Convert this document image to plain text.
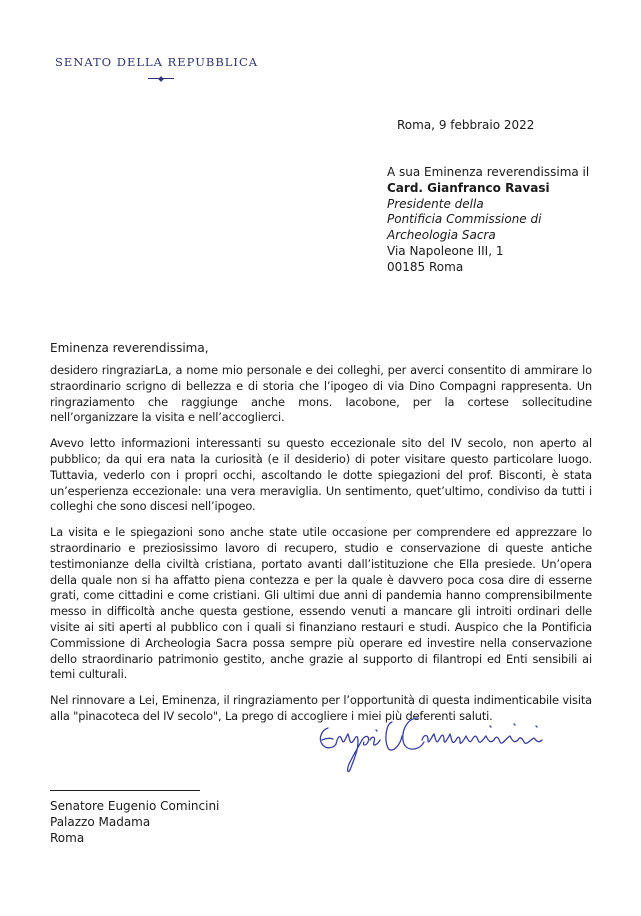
SENATO DELLA REPUBBLICA
Roma, 9 febbraio 2022
A sua Eminenza reverendissima il
Card. Gianfranco Ravasi
Presidente della
Pontificia Commissione di
Archeologia Sacra
Via Napoleone III, 1
00185 Roma
Eminenza reverendissima,

desidero ringraziarLa, a nome mio personale e dei colleghi, per averci consentito di ammirare lo straordinario scrigno di bellezza e di storia che l’ipogeo di via Dino Compagni rappresenta. Un ringraziamento che raggiunge anche mons. Iacobone, per la cortese sollecitudine nell’organizzare la visita e nell’accoglierci.

Avevo letto informazioni interessanti su questo eccezionale sito del IV secolo, non aperto al pubblico; da qui era nata la curiosità (e il desiderio) di poter visitare questo particolare luogo. Tuttavia, vederlo con i propri occhi, ascoltando le dotte spiegazioni del prof. Bisconti, è stata un’esperienza eccezionale: una vera meraviglia. Un sentimento, quet’ultimo, condiviso da tutti i colleghi che sono discesi nell’ipogeo.

La visita e le spiegazioni sono anche state utile occasione per comprendere ed apprezzare lo straordinario e preziosissimo lavoro di recupero, studio e conservazione di queste antiche testimonianze della civiltà cristiana, portato avanti dall’istituzione che Ella presiede. Un’opera della quale non si ha affatto piena contezza e per la quale è davvero poca cosa dire di esserne grati, come cittadini e come cristiani. Gli ultimi due anni di pandemia hanno comprensibilmente messo in difficoltà anche questa gestione, essendo venuti a mancare gli introiti ordinari delle visite ai siti aperti al pubblico con i quali si finanziano restauri e studi. Auspico che la Pontificia Commissione di Archeologia Sacra possa sempre più operare ed investire nella conservazione dello straordinario patrimonio gestito, anche grazie al supporto di filantropi ed Enti sensibili ai temi culturali.

Nel rinnovare a Lei, Eminenza, il ringraziamento per l’opportunità di questa indimenticabile visita alla "pinacoteca del IV secolo", La prego di accogliere i miei più deferenti saluti.

Senatore Eugenio Comincini
Palazzo Madama
Roma
